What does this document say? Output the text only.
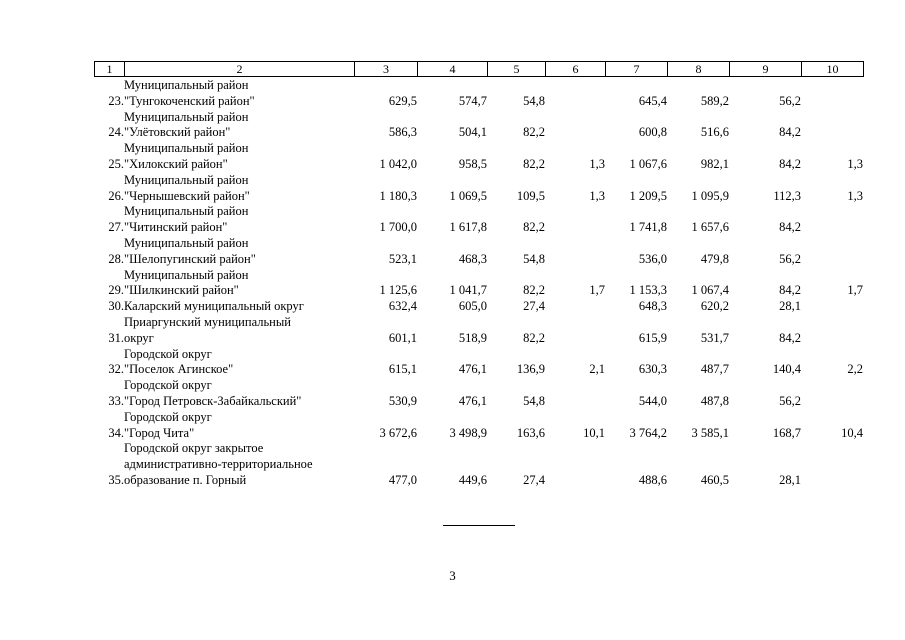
1	2	3	4	5	6	7	8	9	10
23.	Муниципальный район
"Тунгокоченский район"	629,5	574,7	54,8		645,4	589,2	56,2	
24.	Муниципальный район
"Улётовский район"	586,3	504,1	82,2		600,8	516,6	84,2	
25.	Муниципальный район
"Хилокский район"	1 042,0	958,5	82,2	1,3	1 067,6	982,1	84,2	1,3
26.	Муниципальный район
"Чернышевский район"	1 180,3	1 069,5	109,5	1,3	1 209,5	1 095,9	112,3	1,3
27.	Муниципальный район
"Читинский район"	1 700,0	1 617,8	82,2		1 741,8	1 657,6	84,2	
28.	Муниципальный район
"Шелопугинский район"	523,1	468,3	54,8		536,0	479,8	56,2	
29.	Муниципальный район
"Шилкинский район"	1 125,6	1 041,7	82,2	1,7	1 153,3	1 067,4	84,2	1,7
30.	Каларский муниципальный округ	632,4	605,0	27,4		648,3	620,2	28,1	
31.	Приаргунский муниципальный
округ	601,1	518,9	82,2		615,9	531,7	84,2	
32.	Городской округ
"Поселок Агинское"	615,1	476,1	136,9	2,1	630,3	487,7	140,4	2,2
33.	Городской округ
"Город Петровск-Забайкальский"	530,9	476,1	54,8		544,0	487,8	56,2	
34.	Городской округ
"Город Чита"	3 672,6	3 498,9	163,6	10,1	3 764,2	3 585,1	168,7	10,4
35.	Городской округ закрытое
административно-территориальное
образование п. Горный	477,0	449,6	27,4		488,6	460,5	28,1	
3
